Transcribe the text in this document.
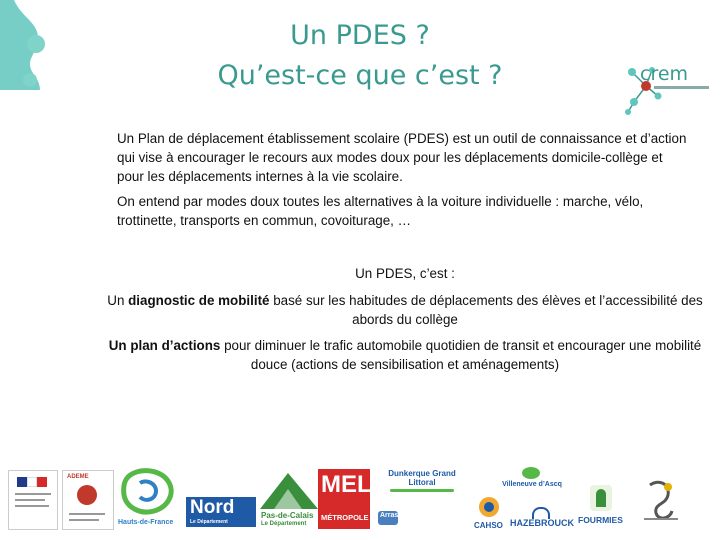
Un PDES ?
Qu’est-ce que c’est ?	crem
Un Plan de déplacement établissement scolaire (PDES) est un outil de connaissance et d’action qui vise à encourager le recours aux modes doux pour les déplacements domicile-collège et pour les déplacements internes à la vie scolaire.
On entend par modes doux toutes les alternatives à la voiture individuelle : marche, vélo, trottinette, transports en commun, covoiturage, …
Un PDES, c’est :
Un diagnostic de mobilité basé sur les habitudes de déplacements des élèves et l’accessibilité des abords du collège
Un plan d’actions pour diminuer le trafic automobile quotidien de transit et encourager une mobilité douce (actions de sensibilisation et aménagements)
ADEME
Hauts-de-France
Nord
Le Département
Pas-de-Calais
Le Département
MEL
MÉTROPOLE
Dunkerque Grand Littoral
Arras
CAHSO
Villeneuve d’Ascq
HAZEBROUCK FOURMIES
